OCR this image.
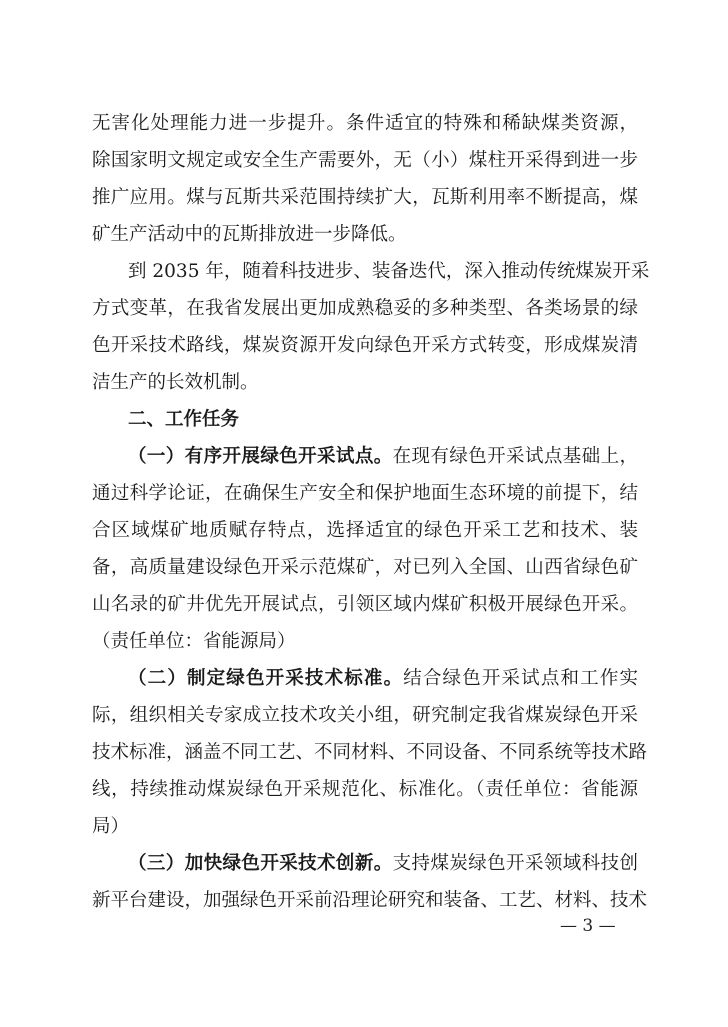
无害化处理能力进一步提升。条件适宜的特殊和稀缺煤类资源，
除国家明文规定或安全生产需要外，无（小）煤柱开采得到进一步
推广应用。煤与瓦斯共采范围持续扩大，瓦斯利用率不断提高，煤
矿生产活动中的瓦斯排放进一步降低。
到 2035 年，随着科技进步、装备迭代，深入推动传统煤炭开采
方式变革，在我省发展出更加成熟稳妥的多种类型、各类场景的绿
色开采技术路线，煤炭资源开发向绿色开采方式转变，形成煤炭清
洁生产的长效机制。
二、工作任务
（一）有序开展绿色开采试点。在现有绿色开采试点基础上，
通过科学论证，在确保生产安全和保护地面生态环境的前提下，结
合区域煤矿地质赋存特点，选择适宜的绿色开采工艺和技术、装
备，高质量建设绿色开采示范煤矿，对已列入全国、山西省绿色矿
山名录的矿井优先开展试点，引领区域内煤矿积极开展绿色开采。
（责任单位：省能源局）
（二）制定绿色开采技术标准。结合绿色开采试点和工作实
际，组织相关专家成立技术攻关小组，研究制定我省煤炭绿色开采
技术标准，涵盖不同工艺、不同材料、不同设备、不同系统等技术路
线，持续推动煤炭绿色开采规范化、标准化。（责任单位：省能源
局）
（三）加快绿色开采技术创新。支持煤炭绿色开采领域科技创
新平台建设，加强绿色开采前沿理论研究和装备、工艺、材料、技术
— 3 —
